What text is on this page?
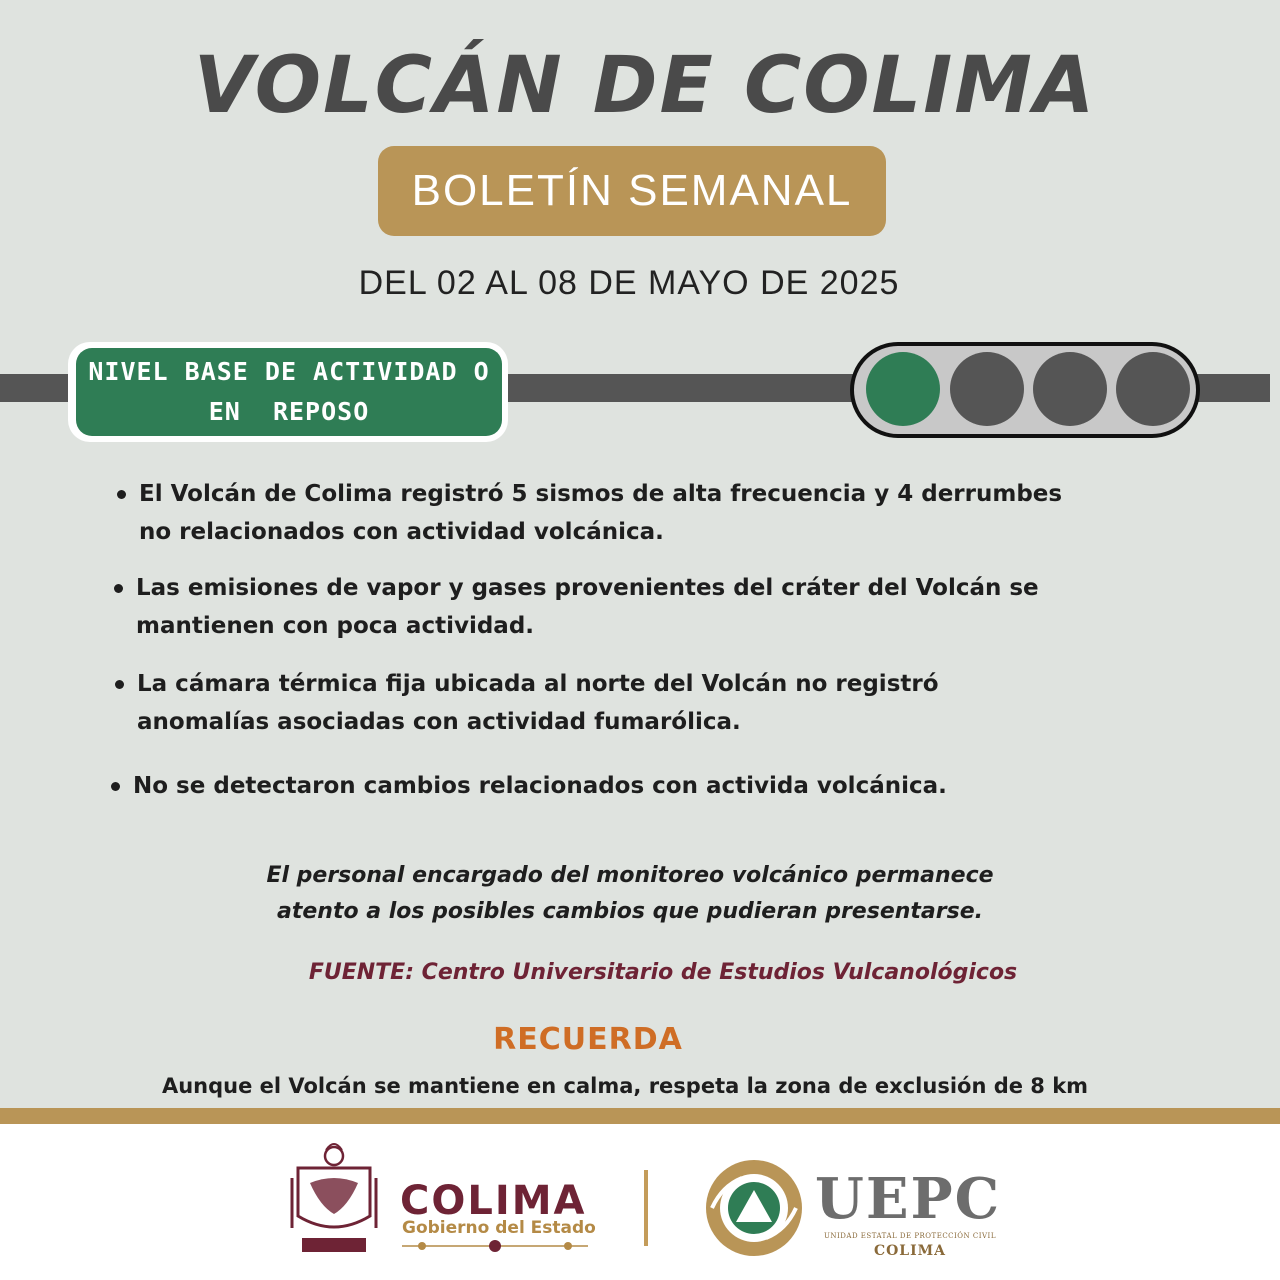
VOLCÁN DE COLIMA
BOLETÍN SEMANAL
DEL 02 AL 08 DE MAYO DE 2025
NIVEL BASE DE ACTIVIDAD O
EN  REPOSO
El Volcán de Colima registró 5 sismos de alta frecuencia y 4 derrumbes
no relacionados con actividad volcánica.
Las emisiones de vapor y gases provenientes del cráter del Volcán se
mantienen con poca actividad.
La cámara térmica fija ubicada al norte del Volcán no registró
anomalías asociadas con actividad fumarólica.
No se detectaron cambios relacionados con activida volcánica.
El personal encargado del monitoreo volcánico permanece
atento a los posibles cambios que pudieran presentarse.
FUENTE: Centro Universitario de Estudios Vulcanológicos
RECUERDA
Aunque el Volcán se mantiene en calma, respeta la zona de exclusión de 8 km
COLIMA
Gobierno del Estado	UEPC
UNIDAD ESTATAL DE PROTECCIÓN CIVIL
COLIMA
